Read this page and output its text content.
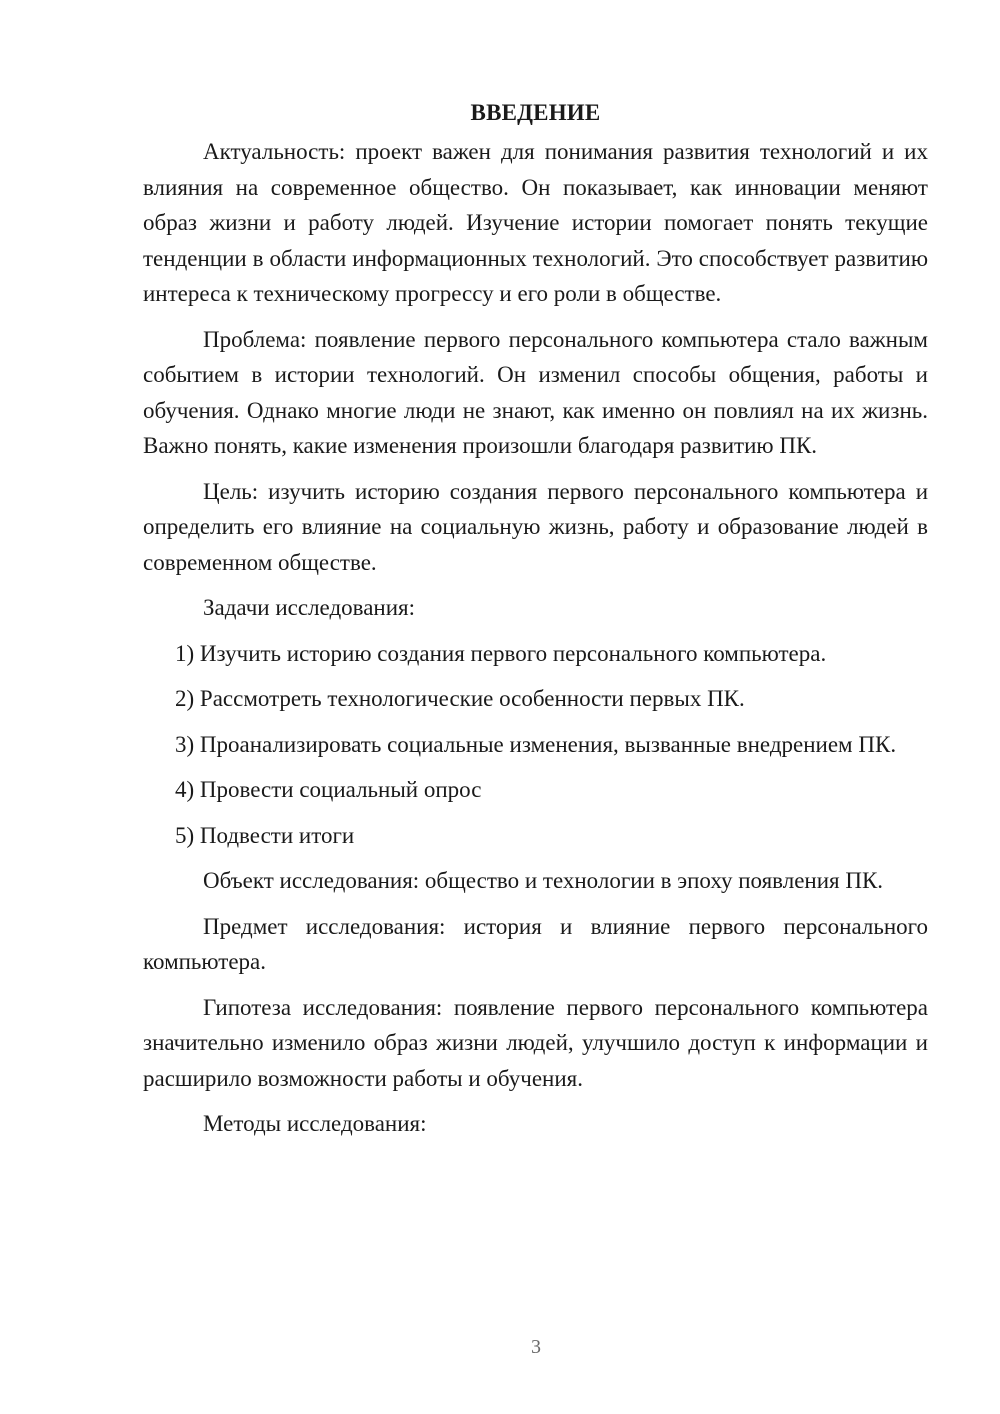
ВВЕДЕНИЕ

Актуальность: проект важен для понимания развития технологий и их влияния на современное общество. Он показывает, как инновации меняют образ жизни и работу людей. Изучение истории помогает понять текущие тенденции в области информационных технологий. Это способствует развитию интереса к техническому прогрессу и его роли в обществе.

Проблема: появление первого персонального компьютера стало важным событием в истории технологий. Он изменил способы общения, работы и обучения. Однако многие люди не знают, как именно он повлиял на их жизнь. Важно понять, какие изменения произошли благодаря развитию ПК.

Цель: изучить историю создания первого персонального компьютера и определить его влияние на социальную жизнь, работу и образование людей в современном обществе.

Задачи исследования:

1) Изучить историю создания первого персонального компьютера.

2) Рассмотреть технологические особенности первых ПК.

3) Проанализировать социальные изменения, вызванные внедрением ПК.

4) Провести социальный опрос

5) Подвести итоги

Объект исследования: общество и технологии в эпоху появления ПК.

Предмет исследования: история и влияние первого персонального компьютера.

Гипотеза исследования: появление первого персонального компьютера значительно изменило образ жизни людей, улучшило доступ к информации и расширило возможности работы и обучения.

Методы исследования:

3
